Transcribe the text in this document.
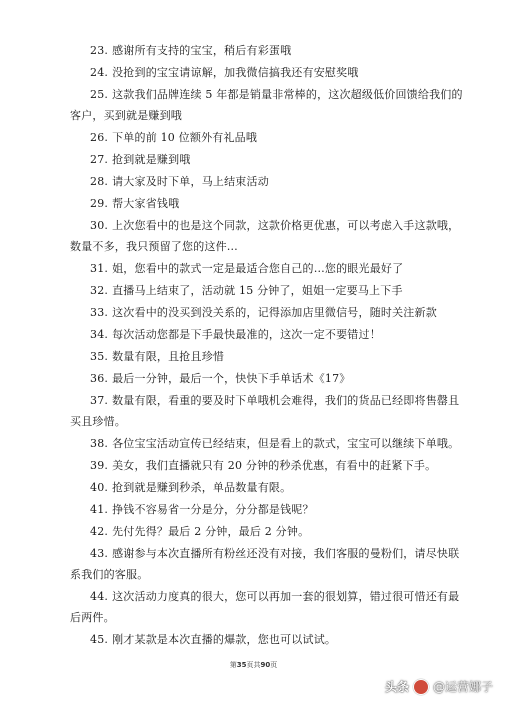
23. 感谢所有支持的宝宝，稍后有彩蛋哦
24. 没抢到的宝宝请谅解，加我微信搞我还有安慰奖哦
25. 这款我们品牌连续 5 年都是销量非常棒的，这次超级低价回馈给我们的客户，买到就是赚到哦
26. 下单的前 10 位额外有礼品哦
27. 抢到就是赚到哦
28. 请大家及时下单，马上结束活动
29. 帮大家省钱哦
30. 上次您看中的也是这个同款，这款价格更优惠，可以考虑入手这款哦，数量不多，我只预留了您的这件…
31. 姐，您看中的款式一定是最适合您自己的…您的眼光最好了
32. 直播马上结束了，活动就 15 分钟了，姐姐一定要马上下手
33. 这次看中的没买到没关系的，记得添加店里微信号，随时关注新款
34. 每次活动您都是下手最快最准的，这次一定不要错过！
35. 数量有限，且抢且珍惜
36. 最后一分钟，最后一个，快快下手单话术《17》
37. 数量有限，看重的要及时下单哦机会难得，我们的货品已经即将售罄且买且珍惜。
38. 各位宝宝活动宣传已经结束，但是看上的款式，宝宝可以继续下单哦。
39. 美女，我们直播就只有 20 分钟的秒杀优惠，有看中的赶紧下手。
40. 抢到就是赚到秒杀，单品数量有限。
41. 挣钱不容易省一分是分，分分都是钱呢？
42. 先付先得？最后 2 分钟，最后 2 分钟。
43. 感谢参与本次直播所有粉丝还没有对接，我们客服的曼粉们，请尽快联系我们的客服。
44. 这次活动力度真的很大，您可以再加一套的很划算，错过很可惜还有最后两件。
45. 刚才某款是本次直播的爆款，您也可以试试。
第35页共90页
头条 @运营娜子
